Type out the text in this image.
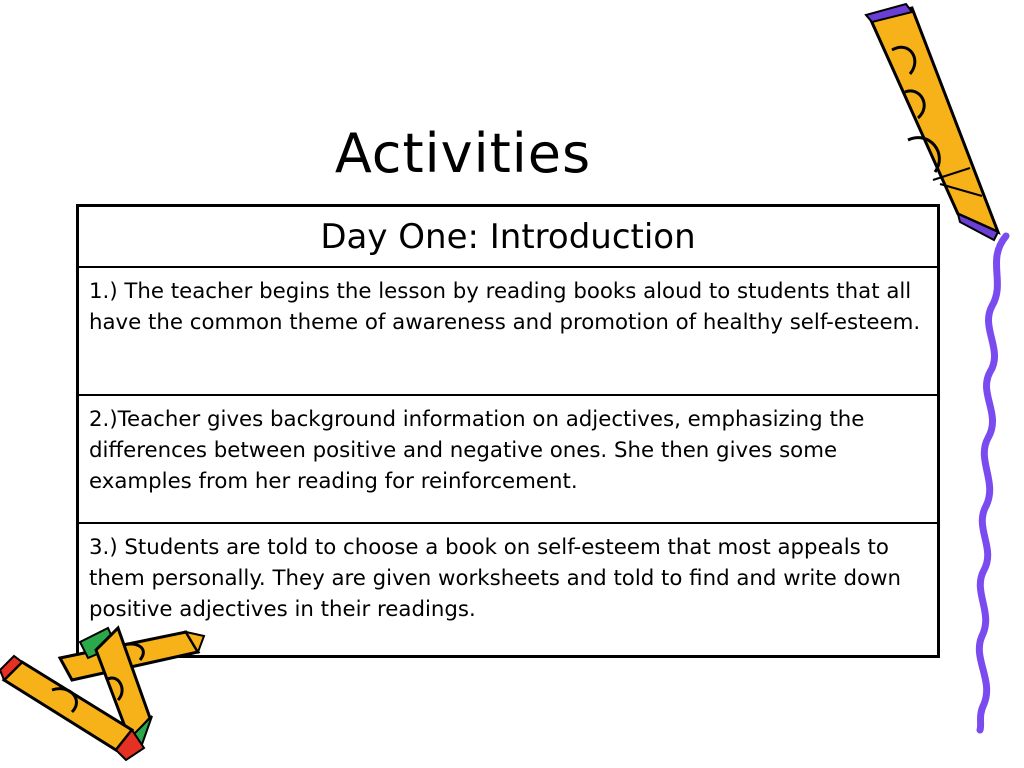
Activities
Day One: Introduction
1.) The teacher begins the lesson by reading books aloud to students that all have the common theme of awareness and promotion of healthy self-esteem.
2.)Teacher gives background information on adjectives, emphasizing the differences between positive and negative ones. She then gives some examples from her reading for reinforcement.
3.) Students are told to choose a book on self-esteem that most appeals to them personally. They are given worksheets and told to find and write down positive adjectives in their readings.
